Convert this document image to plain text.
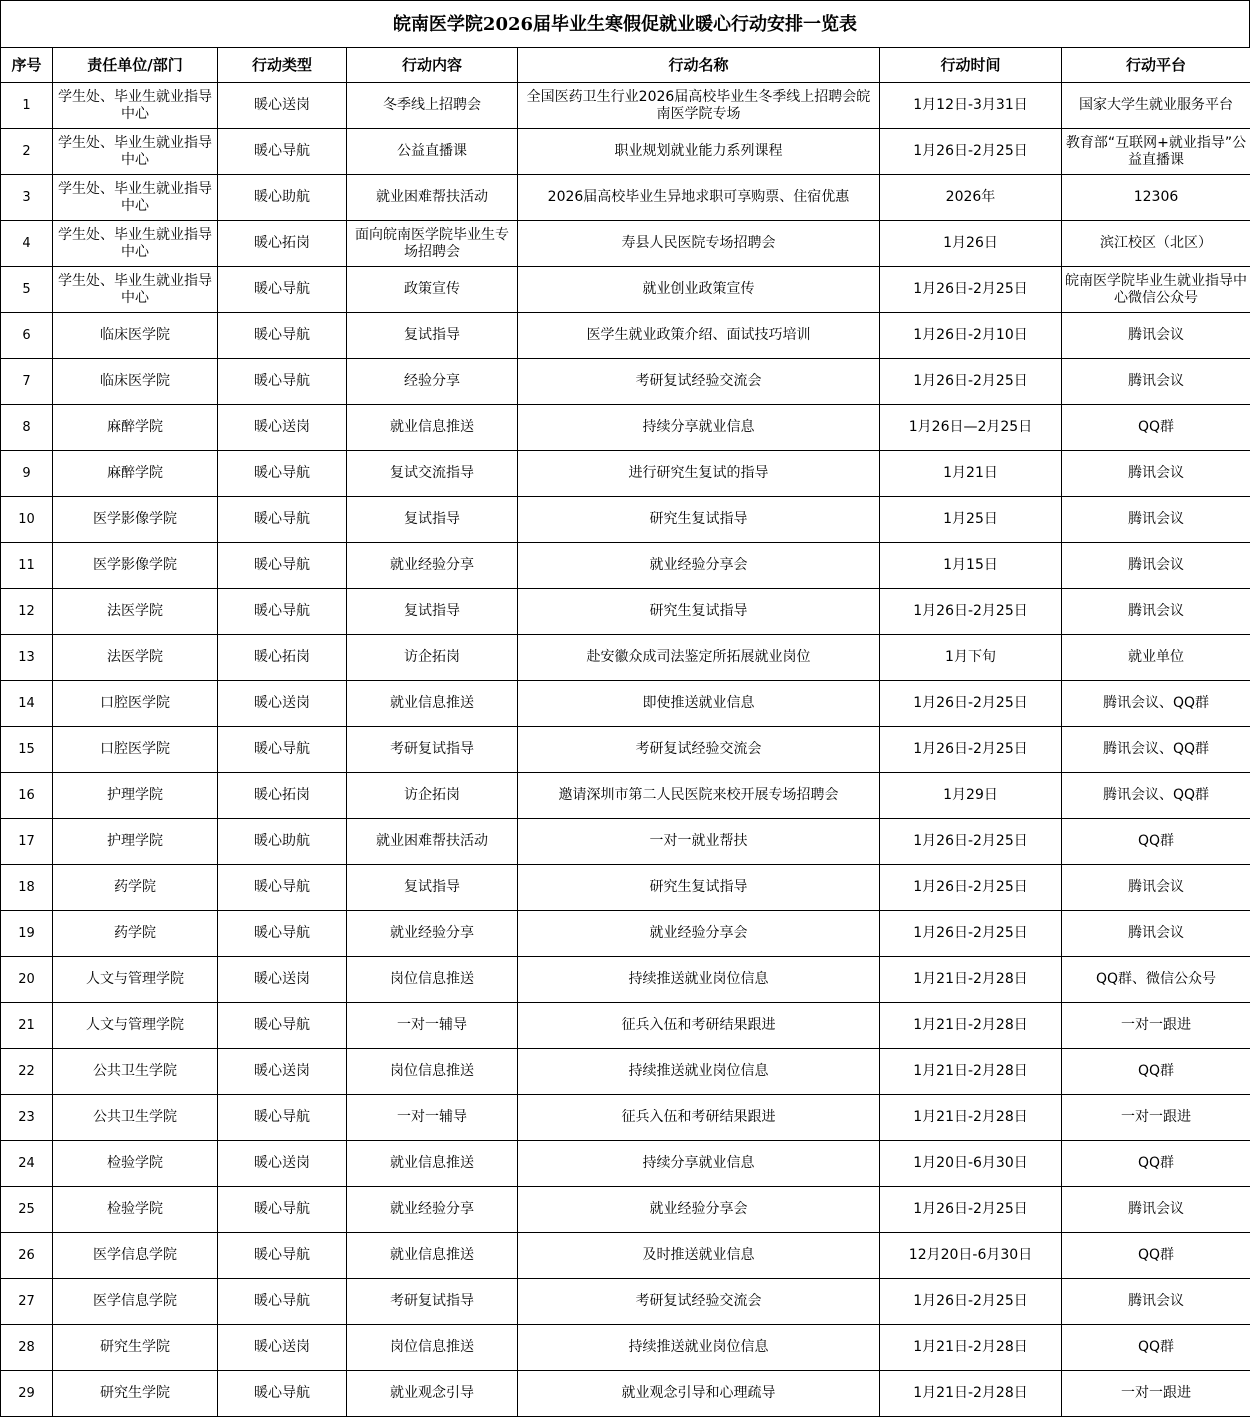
皖南医学院2026届毕业生寒假促就业暖心行动安排一览表
序号	责任单位/部门	行动类型	行动内容	行动名称	行动时间	行动平台
1	学生处、毕业生就业指导中心	暖心送岗	冬季线上招聘会	全国医药卫生行业2026届高校毕业生冬季线上招聘会皖南医学院专场	1月12日-3月31日	国家大学生就业服务平台
2	学生处、毕业生就业指导中心	暖心导航	公益直播课	职业规划就业能力系列课程	1月26日-2月25日	教育部“互联网+就业指导”公益直播课
3	学生处、毕业生就业指导中心	暖心助航	就业困难帮扶活动	2026届高校毕业生异地求职可享购票、住宿优惠	2026年	12306
4	学生处、毕业生就业指导中心	暖心拓岗	面向皖南医学院毕业生专场招聘会	寿县人民医院专场招聘会	1月26日	滨江校区（北区）
5	学生处、毕业生就业指导中心	暖心导航	政策宣传	就业创业政策宣传	1月26日-2月25日	皖南医学院毕业生就业指导中心微信公众号
6	临床医学院	暖心导航	复试指导	医学生就业政策介绍、面试技巧培训	1月26日-2月10日	腾讯会议
7	临床医学院	暖心导航	经验分享	考研复试经验交流会	1月26日-2月25日	腾讯会议
8	麻醉学院	暖心送岗	就业信息推送	持续分享就业信息	1月26日—2月25日	QQ群
9	麻醉学院	暖心导航	复试交流指导	进行研究生复试的指导	1月21日	腾讯会议
10	医学影像学院	暖心导航	复试指导	研究生复试指导	1月25日	腾讯会议
11	医学影像学院	暖心导航	就业经验分享	就业经验分享会	1月15日	腾讯会议
12	法医学院	暖心导航	复试指导	研究生复试指导	1月26日-2月25日	腾讯会议
13	法医学院	暖心拓岗	访企拓岗	赴安徽众成司法鉴定所拓展就业岗位	1月下旬	就业单位
14	口腔医学院	暖心送岗	就业信息推送	即使推送就业信息	1月26日-2月25日	腾讯会议、QQ群
15	口腔医学院	暖心导航	考研复试指导	考研复试经验交流会	1月26日-2月25日	腾讯会议、QQ群
16	护理学院	暖心拓岗	访企拓岗	邀请深圳市第二人民医院来校开展专场招聘会	1月29日	腾讯会议、QQ群
17	护理学院	暖心助航	就业困难帮扶活动	一对一就业帮扶	1月26日-2月25日	QQ群
18	药学院	暖心导航	复试指导	研究生复试指导	1月26日-2月25日	腾讯会议
19	药学院	暖心导航	就业经验分享	就业经验分享会	1月26日-2月25日	腾讯会议
20	人文与管理学院	暖心送岗	岗位信息推送	持续推送就业岗位信息	1月21日-2月28日	QQ群、微信公众号
21	人文与管理学院	暖心导航	一对一辅导	征兵入伍和考研结果跟进	1月21日-2月28日	一对一跟进
22	公共卫生学院	暖心送岗	岗位信息推送	持续推送就业岗位信息	1月21日-2月28日	QQ群
23	公共卫生学院	暖心导航	一对一辅导	征兵入伍和考研结果跟进	1月21日-2月28日	一对一跟进
24	检验学院	暖心送岗	就业信息推送	持续分享就业信息	1月20日-6月30日	QQ群
25	检验学院	暖心导航	就业经验分享	就业经验分享会	1月26日-2月25日	腾讯会议
26	医学信息学院	暖心导航	就业信息推送	及时推送就业信息	12月20日-6月30日	QQ群
27	医学信息学院	暖心导航	考研复试指导	考研复试经验交流会	1月26日-2月25日	腾讯会议
28	研究生学院	暖心送岗	岗位信息推送	持续推送就业岗位信息	1月21日-2月28日	QQ群
29	研究生学院	暖心导航	就业观念引导	就业观念引导和心理疏导	1月21日-2月28日	一对一跟进
